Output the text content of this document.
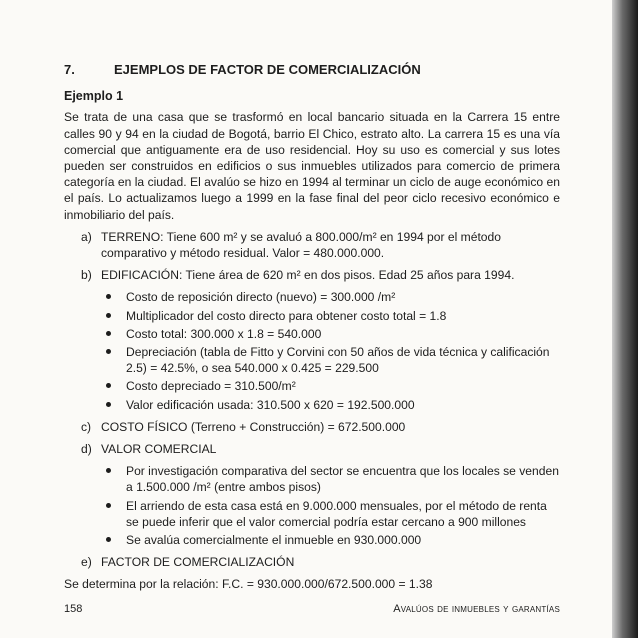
7.	EJEMPLOS DE FACTOR DE COMERCIALIZACIÓN
Ejemplo 1

Se trata de una casa que se trasformó en local bancario situada en la Carrera 15 entre calles 90 y 94 en la ciudad de Bogotá, barrio El Chico, estrato alto. La carrera 15 es una vía comercial que antiguamente era de uso residencial. Hoy su uso es comercial y sus lotes pueden ser construidos en edificios o sus inmuebles utilizados para comercio de primera categoría en la ciudad. El avalúo se hizo en 1994 al terminar un ciclo de auge económico en el país. Lo actualizamos luego a 1999 en la fase final del peor ciclo recesivo económico e inmobiliario del país.

a) TERRENO: Tiene 600 m² y se avaluó a 800.000/m² en 1994 por el método comparativo y método residual. Valor = 480.000.000.
b) EDIFICACIÓN: Tiene área de 620 m² en dos pisos. Edad 25 años para 1994.
Costo de reposición directo (nuevo) = 300.000 /m²
Multiplicador del costo directo para obtener costo total = 1.8
Costo total: 300.000 x 1.8 = 540.000
Depreciación (tabla de Fitto y Corvini con 50 años de vida técnica y calificación 2.5) = 42.5%, o sea 540.000 x 0.425 = 229.500
Costo depreciado = 310.500/m²
Valor edificación usada: 310.500 x 620 = 192.500.000
c) COSTO FÍSICO (Terreno + Construcción) = 672.500.000
d) VALOR COMERCIAL
Por investigación comparativa del sector se encuentra que los locales se venden a 1.500.000 /m² (entre ambos pisos)
El arriendo de esta casa está en 9.000.000 mensuales, por el método de renta se puede inferir que el valor comercial podría estar cercano a 900 millones
Se avalúa comercialmente el inmueble en 930.000.000
e) FACTOR DE COMERCIALIZACIÓN

Se determina por la relación: F.C. = 930.000.000/672.500.000 = 1.38

158	Avalúos de inmuebles y garantías
